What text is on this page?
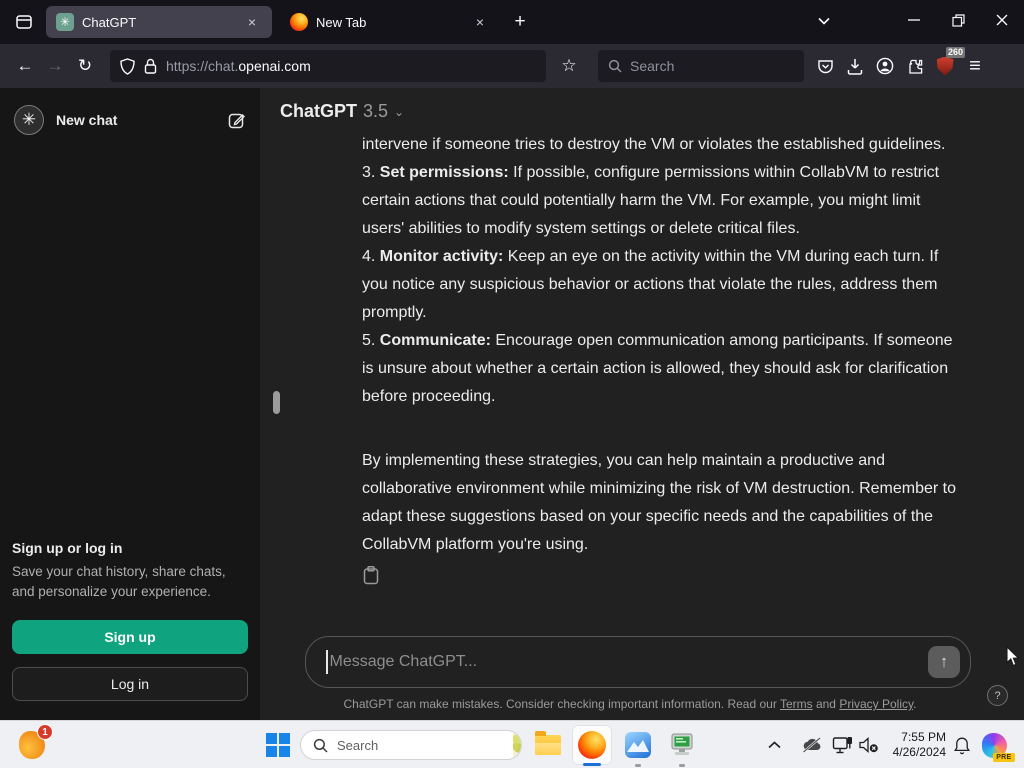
✳ ChatGPT	×	New Tab	×	+
← → ↻	https://chat.openai.com	☆
Search
260
≡
✳	New chat
Sign up or log in
Save your chat history, share chats, and personalize your experience.
Sign up
Log in
ChatGPT 3.5 ⌄
intervene if someone tries to destroy the VM or violates the established guidelines.
3. Set permissions: If possible, configure permissions within CollabVM to restrict certain actions that could potentially harm the VM. For example, you might limit users' abilities to modify system settings or delete critical files.
4. Monitor activity: Keep an eye on the activity within the VM during each turn. If you notice any suspicious behavior or actions that violate the rules, address them promptly.
5. Communicate: Encourage open communication among participants. If someone is unsure about whether a certain action is allowed, they should ask for clarification before proceeding.
By implementing these strategies, you can help maintain a productive and collaborative environment while minimizing the risk of VM destruction. Remember to adapt these suggestions based on your specific needs and the capabilities of the CollabVM platform you're using.
Message ChatGPT...
↑
ChatGPT can make mistakes. Consider checking important information. Read our Terms and Privacy Policy.
?
1
Search	7:55 PM
4/26/2024	PRE
